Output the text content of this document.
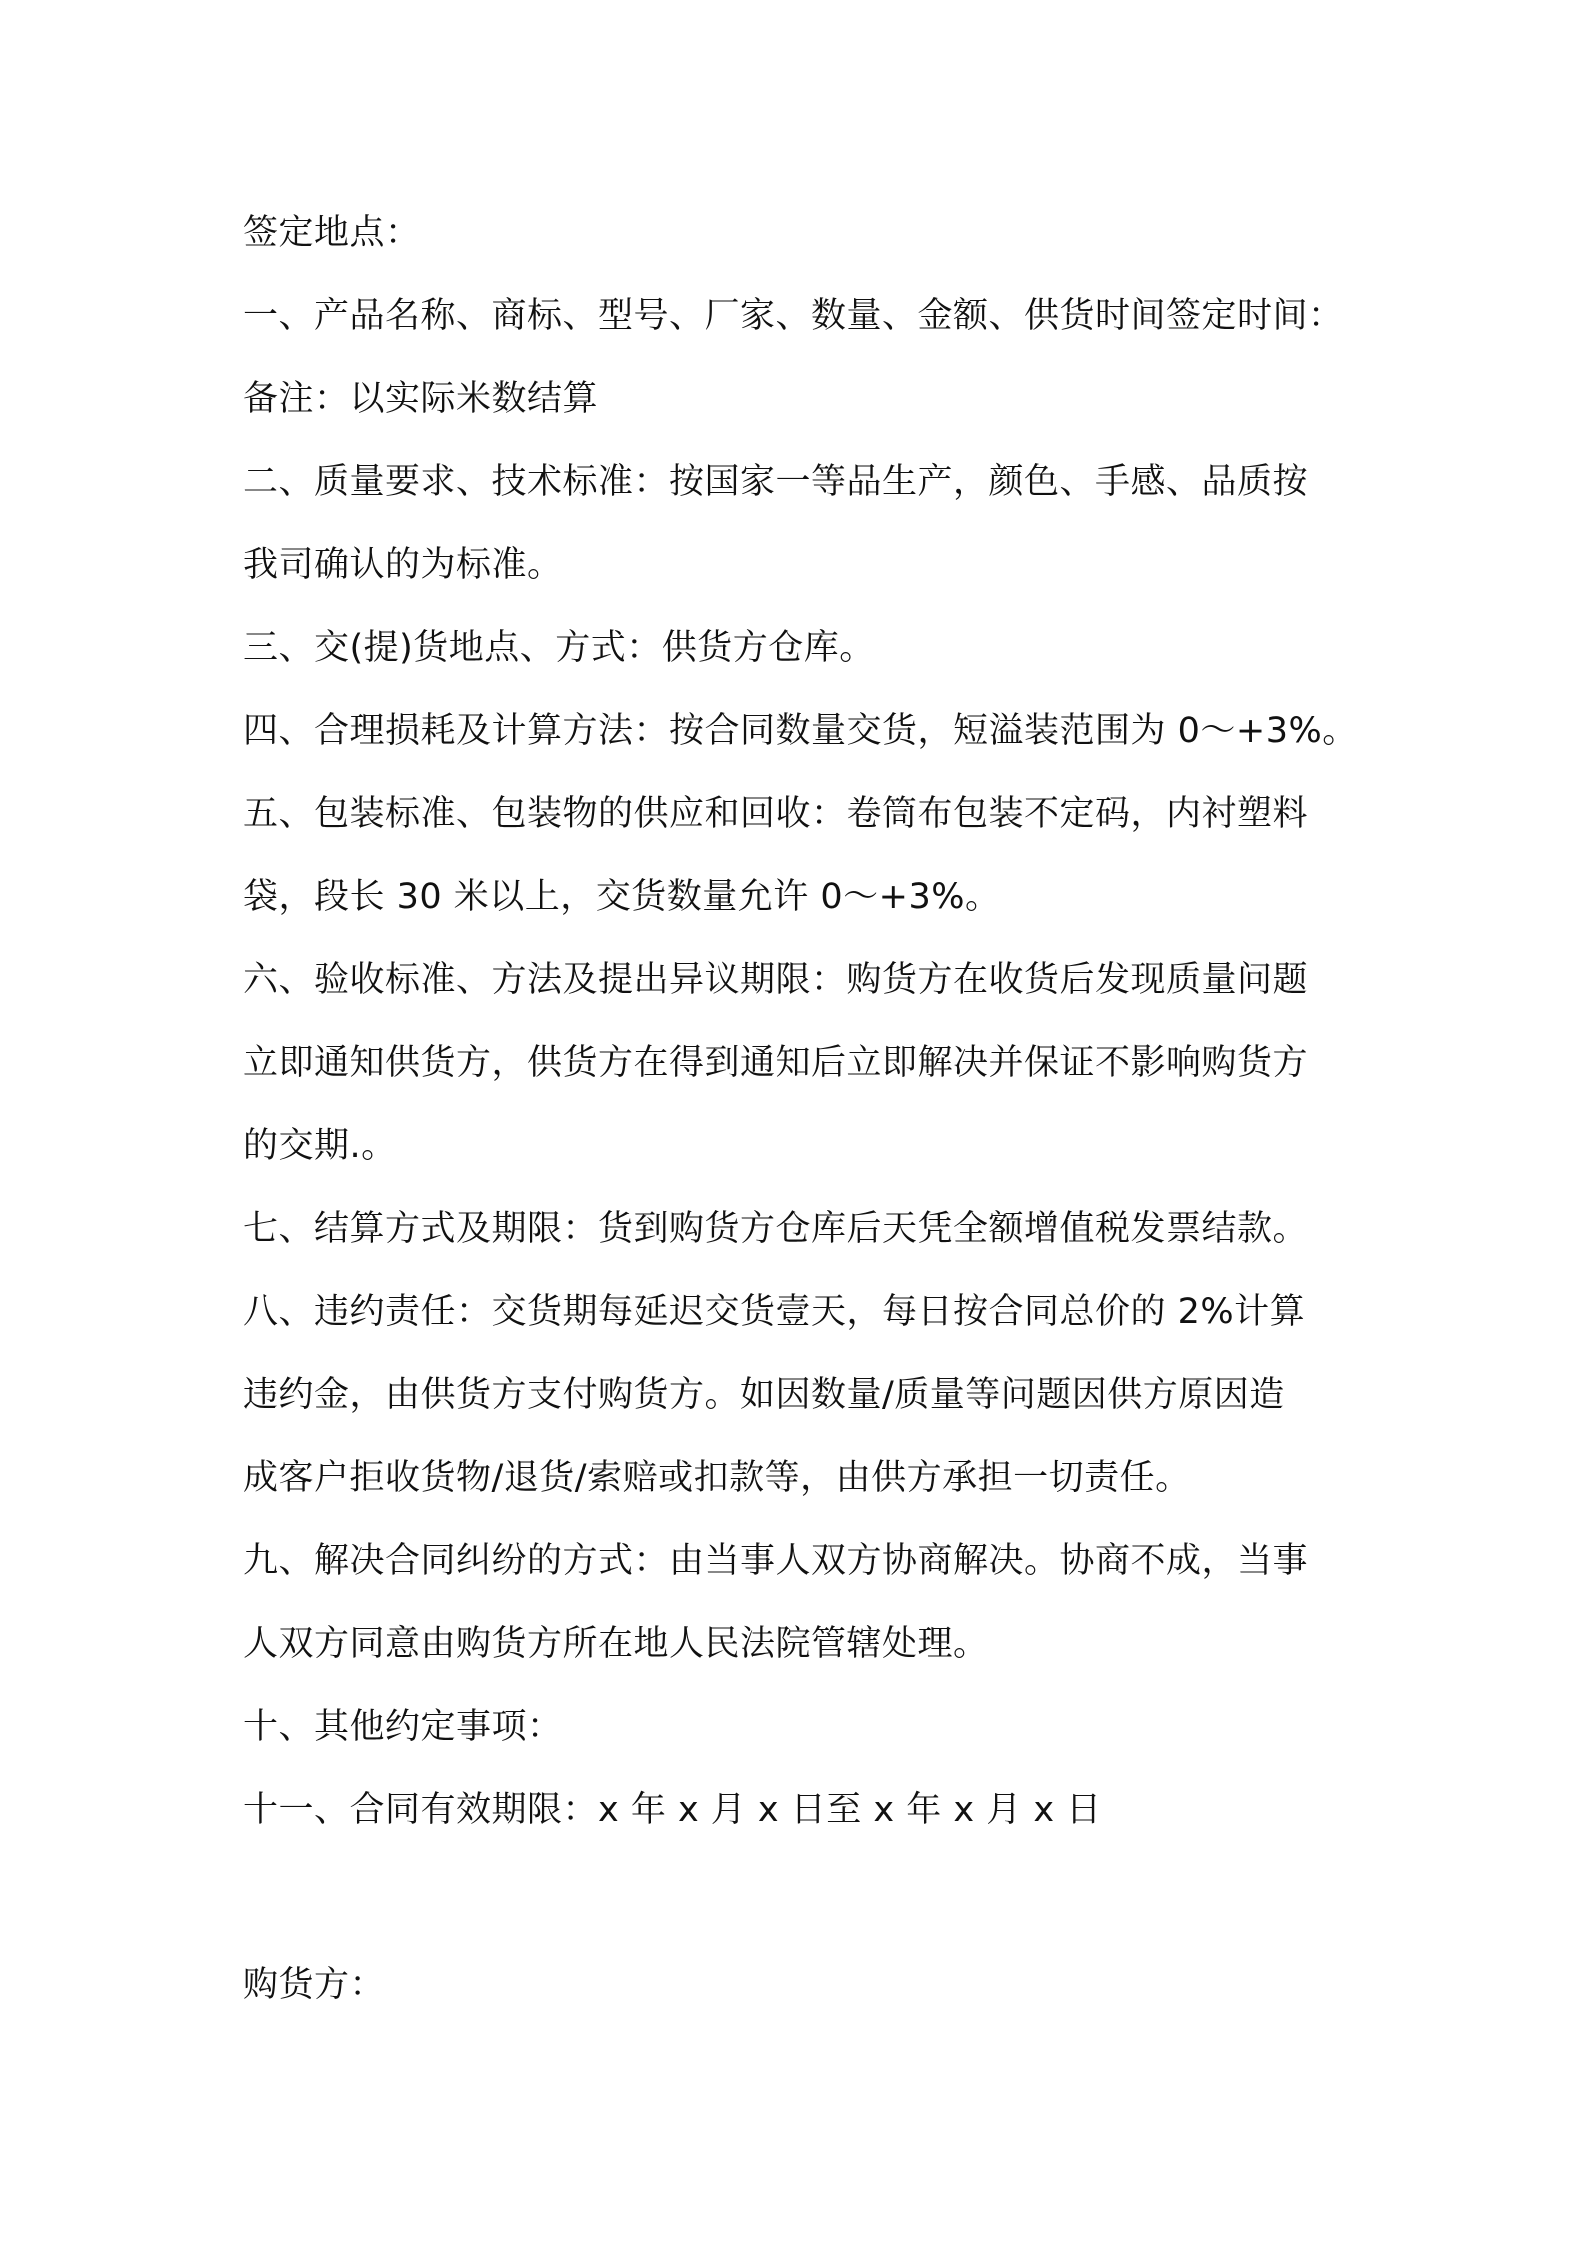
签定地点：
一、产品名称、商标、型号、厂家、数量、金额、供货时间签定时间：
备注：以实际米数结算
二、质量要求、技术标准：按国家一等品生产，颜色、手感、品质按
我司确认的为标准。
三、交(提)货地点、方式：供货方仓库。
四、合理损耗及计算方法：按合同数量交货，短溢装范围为 0～+3%。
五、包装标准、包装物的供应和回收：卷筒布包装不定码，内衬塑料
袋，段长 30 米以上，交货数量允许 0～+3%。
六、验收标准、方法及提出异议期限：购货方在收货后发现质量问题
立即通知供货方，供货方在得到通知后立即解决并保证不影响购货方
的交期.。
七、结算方式及期限：货到购货方仓库后天凭全额增值税发票结款。
八、违约责任：交货期每延迟交货壹天，每日按合同总价的 2%计算
违约金，由供货方支付购货方。如因数量/质量等问题因供方原因造
成客户拒收货物/退货/索赔或扣款等，由供方承担一切责任。
九、解决合同纠纷的方式：由当事人双方协商解决。协商不成，当事
人双方同意由购货方所在地人民法院管辖处理。
十、其他约定事项：
十一、合同有效期限：x 年 x 月 x 日至 x 年 x 月 x 日
购货方：
